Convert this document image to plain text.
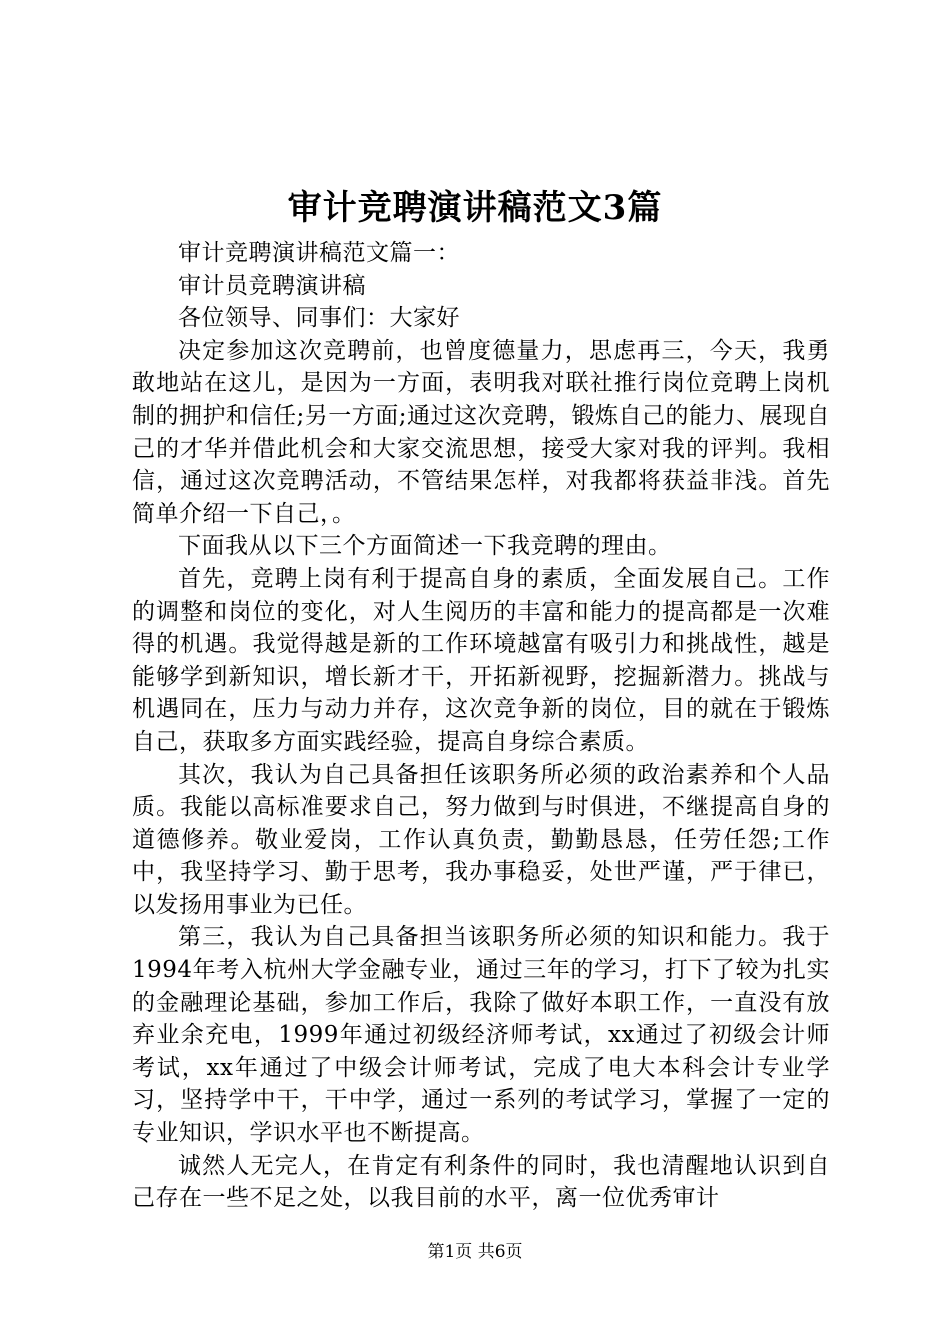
审计竞聘演讲稿范文3篇

审计竞聘演讲稿范文篇一：

审计员竞聘演讲稿

各位领导、同事们：大家好

决定参加这次竞聘前，也曾度德量力，思虑再三，今天，我勇敢地站在这儿，是因为一方面，表明我对联社推行岗位竞聘上岗机制的拥护和信任;另一方面;通过这次竞聘，锻炼自己的能力、展现自己的才华并借此机会和大家交流思想，接受大家对我的评判。我相信，通过这次竞聘活动，不管结果怎样，对我都将获益非浅。首先简单介绍一下自己，。

下面我从以下三个方面简述一下我竞聘的理由。

首先，竞聘上岗有利于提高自身的素质，全面发展自己。工作的调整和岗位的变化，对人生阅历的丰富和能力的提高都是一次难得的机遇。我觉得越是新的工作环境越富有吸引力和挑战性，越是能够学到新知识，增长新才干，开拓新视野，挖掘新潜力。挑战与机遇同在，压力与动力并存，这次竞争新的岗位，目的就在于锻炼自己，获取多方面实践经验，提高自身综合素质。

其次，我认为自己具备担任该职务所必须的政治素养和个人品质。我能以高标准要求自己，努力做到与时俱进，不继提高自身的道德修养。敬业爱岗，工作认真负责，勤勤恳恳，任劳任怨;工作中，我坚持学习、勤于思考，我办事稳妥，处世严谨，严于律已，以发扬用事业为已任。

第三，我认为自己具备担当该职务所必须的知识和能力。我于1994年考入杭州大学金融专业，通过三年的学习，打下了较为扎实的金融理论基础，参加工作后，我除了做好本职工作，一直没有放弃业余充电，1999年通过初级经济师考试，xx通过了初级会计师考试，xx年通过了中级会计师考试，完成了电大本科会计专业学习，坚持学中干，干中学，通过一系列的考试学习，掌握了一定的专业知识，学识水平也不断提高。

诚然人无完人，在肯定有利条件的同时，我也清醒地认识到自己存在一些不足之处，以我目前的水平，离一位优秀审计

第1页 共6页
